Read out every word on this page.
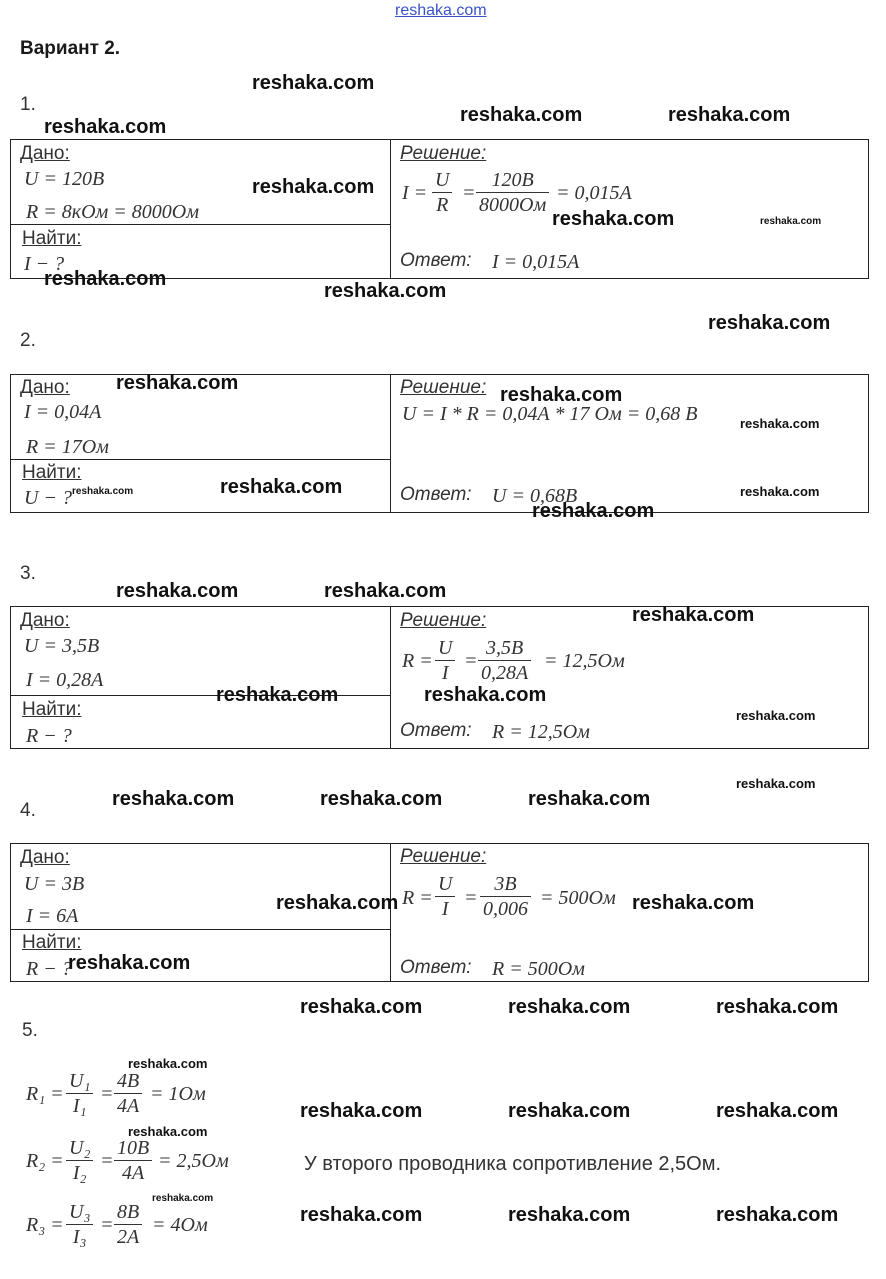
reshaka.com
Вариант 2.
1.
Дано:
U = 120В
R = 8кОм = 8000Ом
Найти:
I − ?
Решение:
$I = \frac{U}{R}$ =
120В
8000Ом
= 0,015А
Ответ: I = 0,015А
2.
Дано:
I = 0,04А
R = 17Ом
Найти:
U − ?
Решение:
U = I * R = 0,04А * 17 Ом = 0,68 В
Ответ: U = 0,68В
3.
Дано:
U = 3,5В
I = 0,28А
Найти:
R − ?
Решение:
$R = \frac{U}{I}$ =
3,5В
0,28А
= 12,5Ом
Ответ: R = 12,5Ом
4.
Дано:
U = 3В
I = 6А
Найти:
R − ?
Решение:
$R = \frac{U}{I}$ =
3В
0,006 = 500Ом
Ответ: R = 500Ом
5.
$R_1 = \frac{\text{U₁}}{\text{I₁}}$ =
4В
4А
= 1Ом
$R_2 = \frac{\text{U₂}}{\text{I₂}}$ =
10В
4А
= 2,5Ом
$R_3 = \frac{\text{U₃}}{\text{I₃}}$ =
8В
2А
= 4Ом
У второго проводника сопротивление 2,5Ом.
reshaka.com
reshaka.com	reshaka.com
reshaka.com
reshaka.com
reshaka.com	reshaka.com
reshaka.com
reshaka.com
reshaka.com
reshaka.com
reshaka.com
reshaka.com
reshaka.com
reshaka.com	reshaka.com
reshaka.com
reshaka.com	reshaka.com
reshaka.com
reshaka.com	reshaka.com
reshaka.com
reshaka.com
reshaka.com	reshaka.com	reshaka.com
reshaka.com	reshaka.com
reshaka.com
reshaka.com	reshaka.com	reshaka.com
reshaka.com
reshaka.com	reshaka.com	reshaka.com
reshaka.com
reshaka.com
reshaka.com	reshaka.com	reshaka.com
